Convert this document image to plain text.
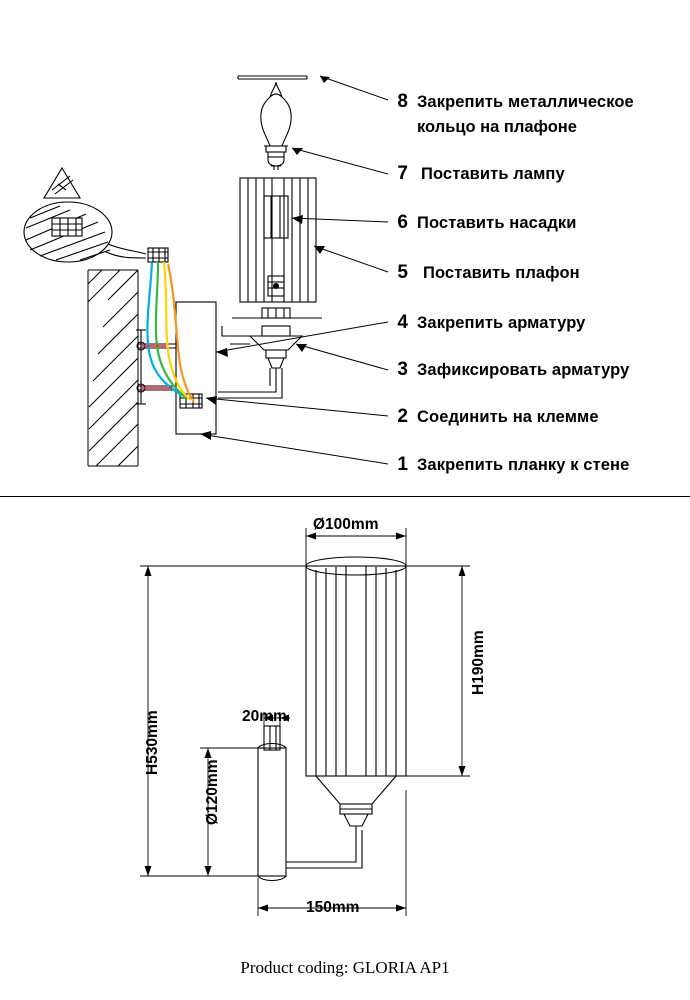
8 Закрепить металлическое
кольцо на плафоне
7 Поставить лампу
6 Поставить насадки
5 Поставить плафон
4 Закрепить арматуру
3 Зафиксировать арматуру
2 Соединить на клемме
1 Закрепить планку к стене
Ø100mm
H190mm
H530mm	20mm
Ø120mm
150mm
Product coding: GLORIA AP1
